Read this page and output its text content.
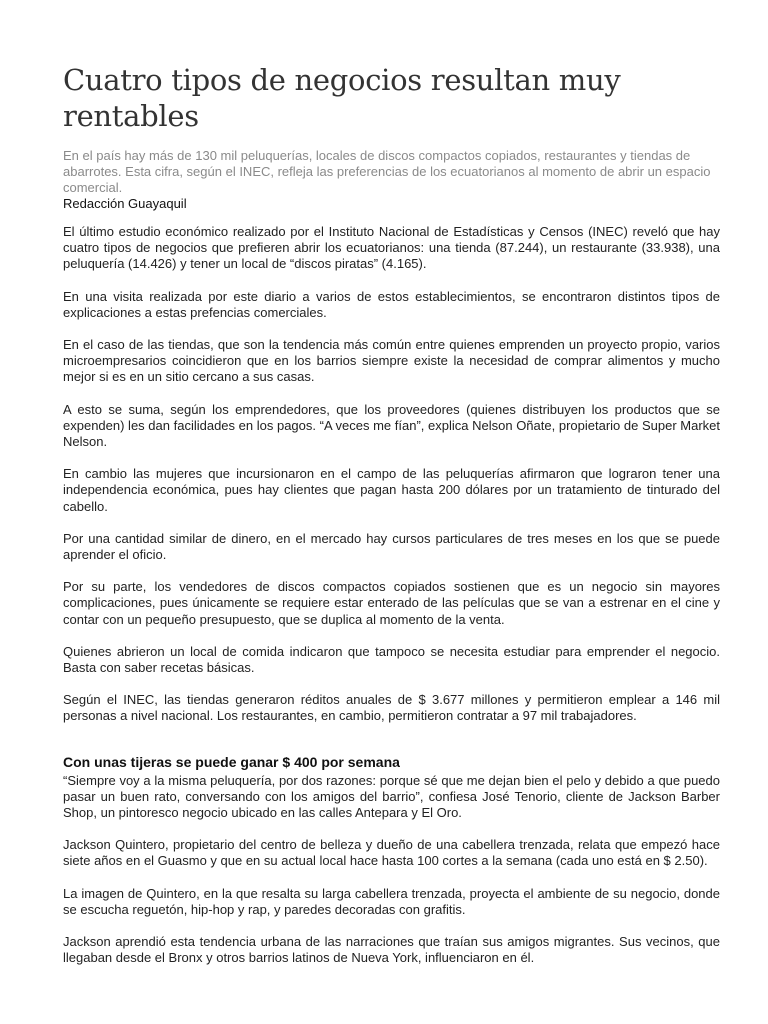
Cuatro tipos de negocios resultan muy rentables

En el país hay más de 130 mil peluquerías, locales de discos compactos copiados, restaurantes y tiendas de abarrotes. Esta cifra, según el INEC, refleja las preferencias de los ecuatorianos al momento de abrir un espacio comercial.

Redacción Guayaquil

El último estudio económico realizado por el Instituto Nacional de Estadísticas y Censos (INEC) reveló que hay cuatro tipos de negocios que prefieren abrir los ecuatorianos: una tienda (87.244), un restaurante (33.938), una peluquería (14.426) y tener un local de “discos piratas” (4.165).

En una visita realizada por este diario a varios de estos establecimientos, se encontraron distintos tipos de explicaciones a estas prefencias comerciales.

En el caso de las tiendas, que son la tendencia más común entre quienes emprenden un proyecto propio, varios microempresarios coincidieron que en los barrios siempre existe la necesidad de comprar alimentos y mucho mejor si es en un sitio cercano a sus casas.

A esto se suma, según los emprendedores, que los proveedores (quienes distribuyen los productos que se expenden) les dan facilidades en los pagos. “A veces me fían”, explica Nelson Oñate, propietario de Super Market Nelson.

En cambio las mujeres que incursionaron en el campo de las peluquerías afirmaron que lograron tener una independencia económica, pues hay clientes que pagan hasta 200 dólares por un tratamiento de tinturado del cabello.

Por una cantidad similar de dinero, en el mercado hay cursos particulares de tres meses en los que se puede aprender el oficio.

Por su parte, los vendedores de discos compactos copiados sostienen que es un negocio sin mayores complicaciones, pues únicamente se requiere estar enterado de las películas que se van a estrenar en el cine y contar con un pequeño presupuesto, que se duplica al momento de la venta.

Quienes abrieron un local de comida indicaron que tampoco se necesita estudiar para emprender el negocio. Basta con saber recetas básicas.

Según el INEC, las tiendas generaron réditos anuales de $ 3.677 millones y permitieron emplear a 146 mil personas a nivel nacional. Los restaurantes, en cambio, permitieron contratar a 97 mil trabajadores.

Con unas tijeras se puede ganar $ 400 por semana

“Siempre voy a la misma peluquería, por dos razones: porque sé que me dejan bien el pelo y debido a que puedo pasar un buen rato, conversando con los amigos del barrio”, confiesa José Tenorio, cliente de Jackson Barber Shop, un pintoresco negocio ubicado en las calles Antepara y El Oro.

Jackson Quintero, propietario del centro de belleza y dueño de una cabellera trenzada, relata que empezó hace siete años en el Guasmo y que en su actual local hace hasta 100 cortes a la semana (cada uno está en $ 2.50).

La imagen de Quintero, en la que resalta su larga cabellera trenzada, proyecta el ambiente de su negocio, donde se escucha reguetón, hip-hop y rap, y paredes decoradas con grafitis.

Jackson aprendió esta tendencia urbana de las narraciones que traían sus amigos migrantes. Sus vecinos, que llegaban desde el Bronx y otros barrios latinos de Nueva York, influenciaron en él.
